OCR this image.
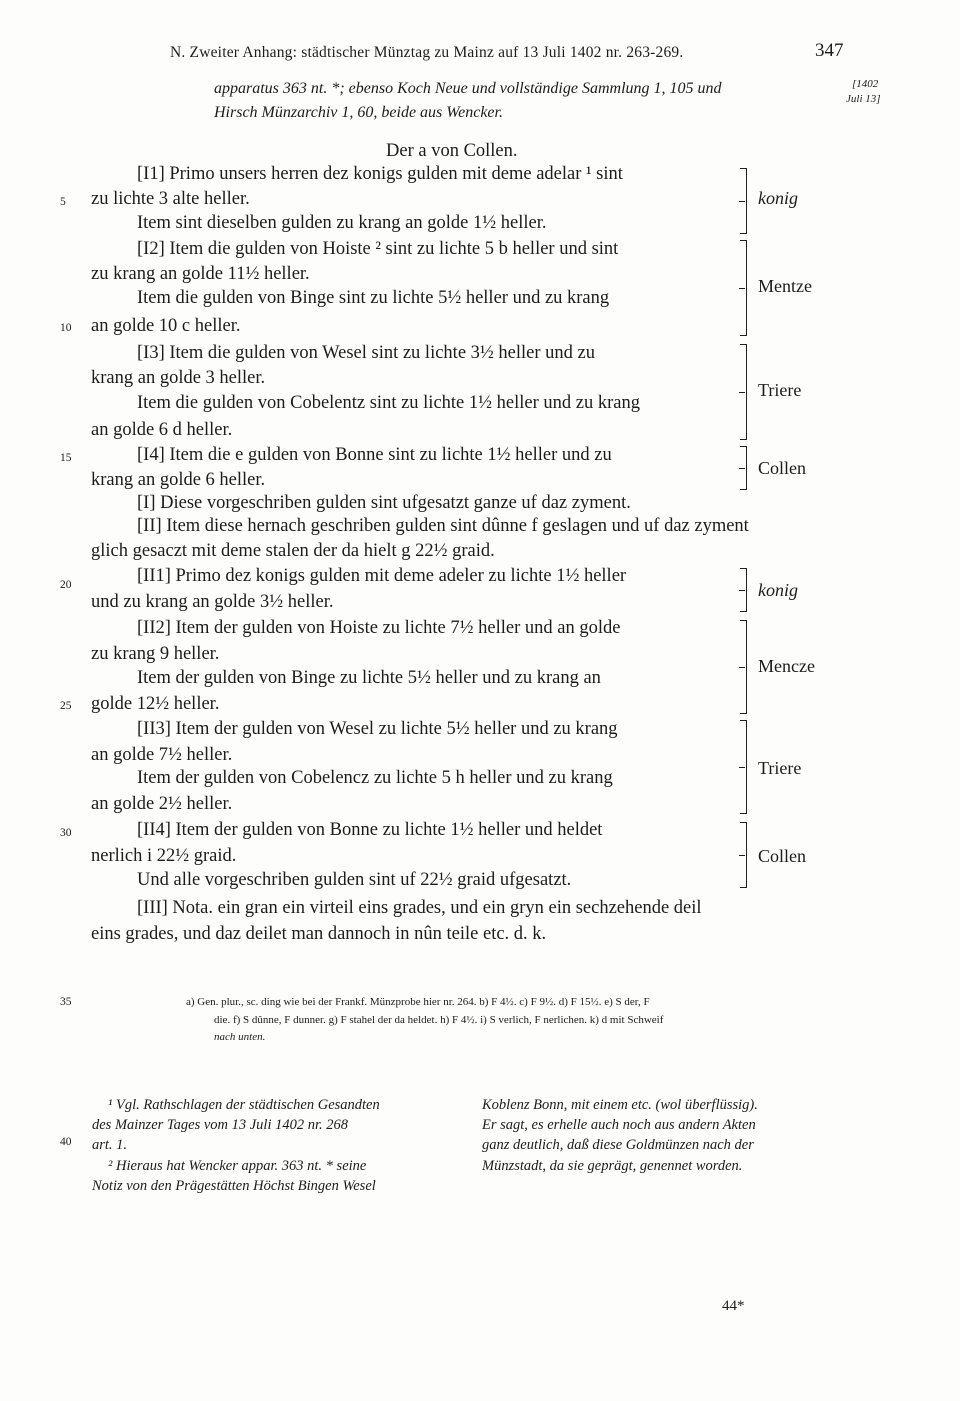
N. Zweiter Anhang: städtischer Münztag zu Mainz auf 13 Juli 1402 nr. 263-269.	347
apparatus 363 nt. *; ebenso Koch Neue und vollständige Sammlung 1, 105 und
Hirsch Münzarchiv 1, 60, beide aus Wencker.
[1402
Juli 13]
Der a von Collen.
[I1] Primo unsers herren dez konigs gulden mit deme adelar ¹ sint
zu lichte 3 alte heller.
Item sint dieselben gulden zu krang an golde 1½ heller.
[I2] Item die gulden von Hoiste ² sint zu lichte 5 b heller und sint
zu krang an golde 11½ heller.
Item die gulden von Binge sint zu lichte 5½ heller und zu krang
an golde 10 c heller.
[I3] Item die gulden von Wesel sint zu lichte 3½ heller und zu
krang an golde 3 heller.
Item die gulden von Cobelentz sint zu lichte 1½ heller und zu krang
an golde 6 d heller.
[I4] Item die e gulden von Bonne sint zu lichte 1½ heller und zu
krang an golde 6 heller.
[I] Diese vorgeschriben gulden sint ufgesatzt ganze uf daz zyment.
[II] Item diese hernach geschriben gulden sint dûnne f geslagen und uf daz zyment
glich gesaczt mit deme stalen der da hielt g 22½ graid.
[II1] Primo dez konigs gulden mit deme adeler zu lichte 1½ heller
und zu krang an golde 3½ heller.
[II2] Item der gulden von Hoiste zu lichte 7½ heller und an golde
zu krang 9 heller.
Item der gulden von Binge zu lichte 5½ heller und zu krang an
golde 12½ heller.
[II3] Item der gulden von Wesel zu lichte 5½ heller und zu krang
an golde 7½ heller.
Item der gulden von Cobelencz zu lichte 5 h heller und zu krang
an golde 2½ heller.
[II4] Item der gulden von Bonne zu lichte 1½ heller und heldet
nerlich i 22½ graid.
Und alle vorgeschriben gulden sint uf 22½ graid ufgesatzt.
[III] Nota. ein gran ein virteil eins grades, und ein gryn ein sechzehende deil
eins grades, und daz deilet man dannoch in nûn teile etc. d. k.
5
10
15
20
25
30
35
40
konig
Mentze
Triere
Collen
konig
Mencze
Triere
Collen
a) Gen. plur., sc. ding wie bei der Frankf. Münzprobe hier nr. 264. b) F 4½. c) F 9½. d) F 15½. e) S der, F
die. f) S dûnne, F dunner. g) F stahel der da heldet. h) F 4½. i) S verlich, F nerlichen. k) d mit Schweif
nach unten.
¹ Vgl. Rathschlagen der städtischen Gesandten
des Mainzer Tages vom 13 Juli 1402 nr. 268
art. 1.
² Hieraus hat Wencker appar. 363 nt. * seine
Notiz von den Prägestätten Höchst Bingen Wesel
Koblenz Bonn, mit einem etc. (wol überflüssig).
Er sagt, es erhelle auch noch aus andern Akten
ganz deutlich, daß diese Goldmünzen nach der
Münzstadt, da sie geprägt, genennet worden.
44*
